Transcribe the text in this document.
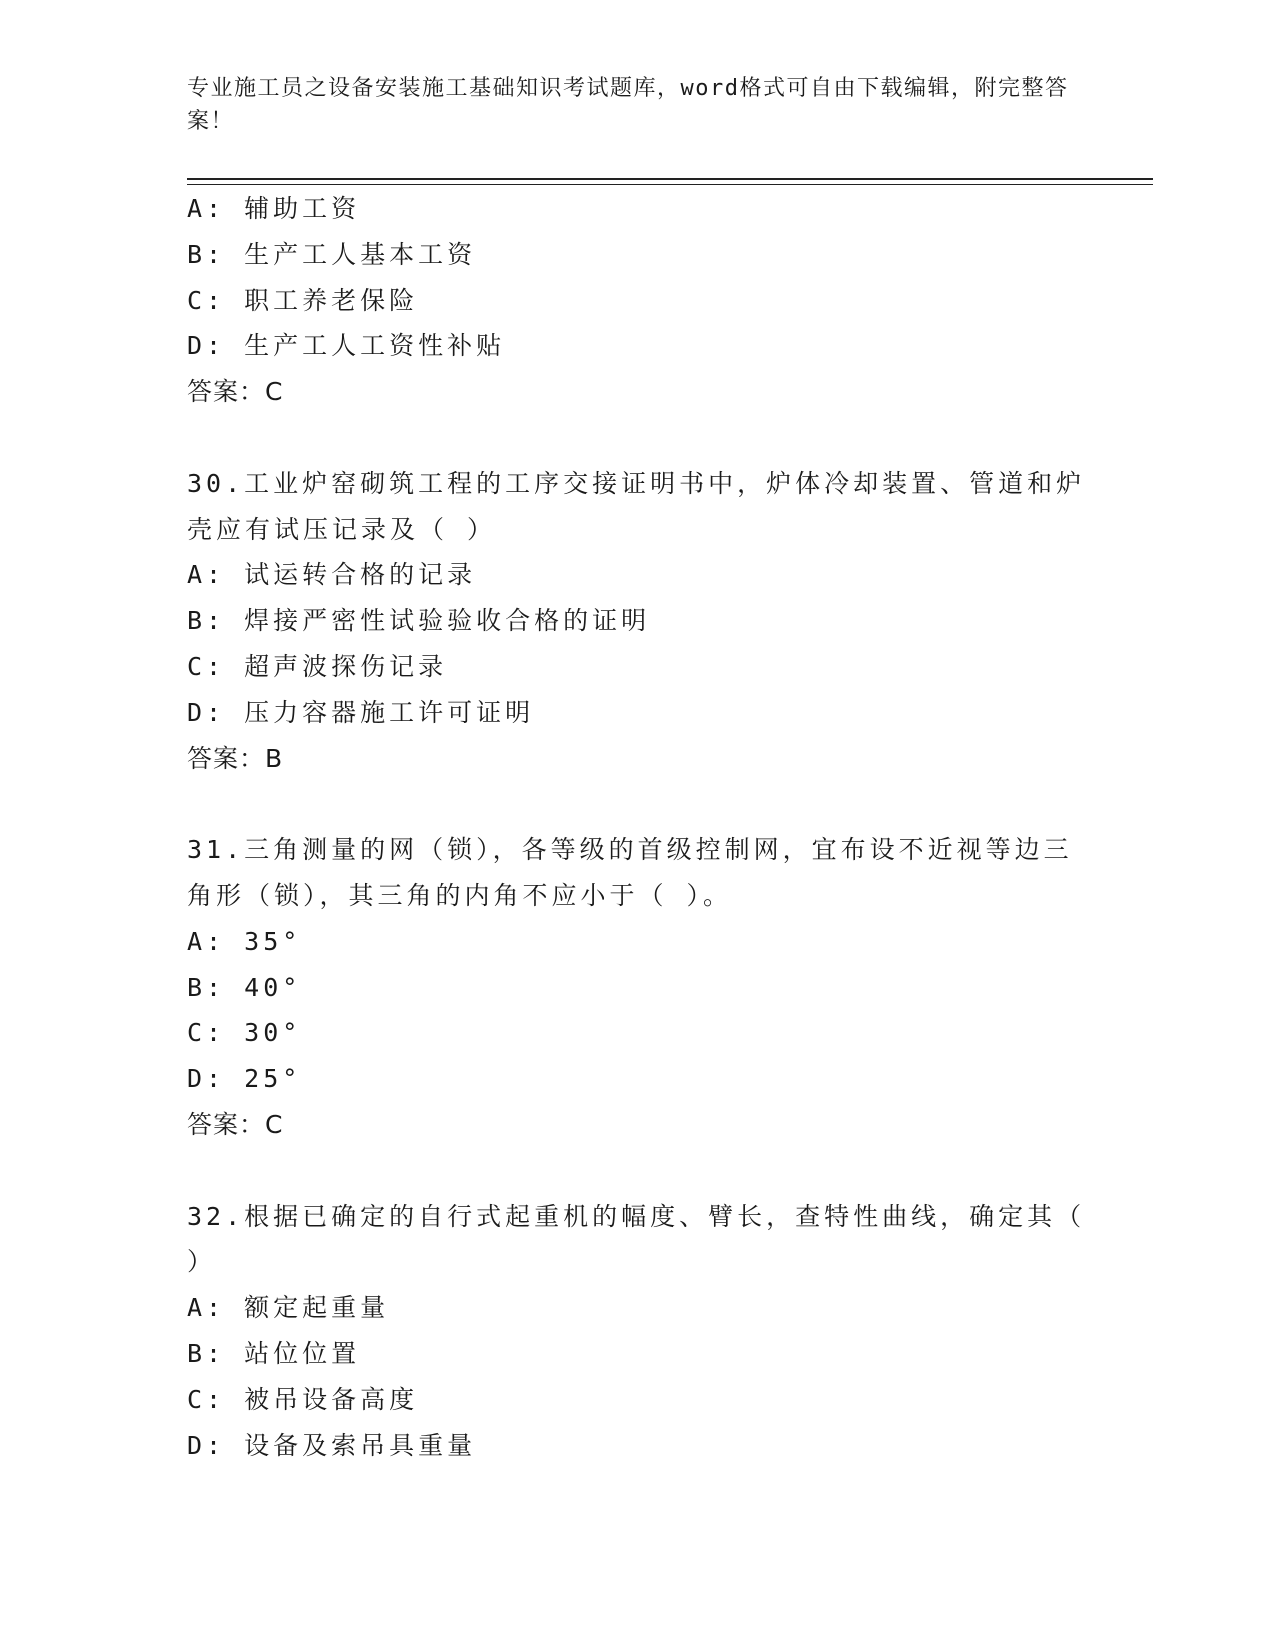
专业施工员之设备安装施工基础知识考试题库，word格式可自由下载编辑，附完整答案！
A: 辅助工资
B: 生产工人基本工资
C: 职工养老保险
D: 生产工人工资性补贴
答案：C
30.工业炉窑砌筑工程的工序交接证明书中，炉体冷却装置、管道和炉壳应有试压记录及（ ）
A: 试运转合格的记录
B: 焊接严密性试验验收合格的证明
C: 超声波探伤记录
D: 压力容器施工许可证明
答案：B
31.三角测量的网（锁），各等级的首级控制网，宜布设不近视等边三角形（锁），其三角的内角不应小于（ ）。
A: 35°
B: 40°
C: 30°
D: 25°
答案：C
32.根据已确定的自行式起重机的幅度、臂长，查特性曲线，确定其（ ）
A: 额定起重量
B: 站位位置
C: 被吊设备高度
D: 设备及索吊具重量
